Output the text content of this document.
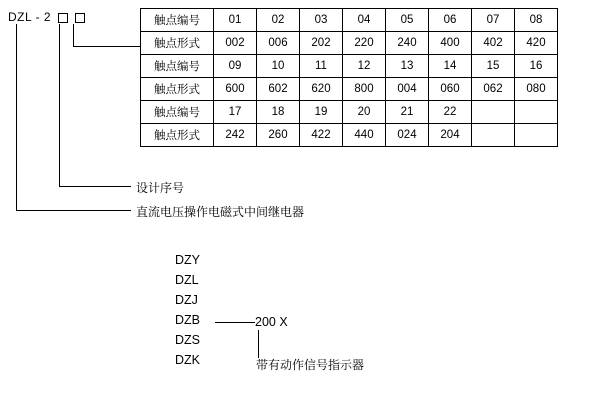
DZL - 2
设计序号
直流电压操作电磁式中间继电器
触点编号	01	02	03	04	05	06	07	08
触点形式	002	006	202	220	240	400	402	420
触点编号	09	10	11	12	13	14	15	16
触点形式	600	602	620	800	004	060	062	080
触点编号	17	18	19	20	21	22		
触点形式	242	260	422	440	024	204		
DZY
DZL
DZJ
DZB
DZS
DZK
200 X
带有动作信号指示器
